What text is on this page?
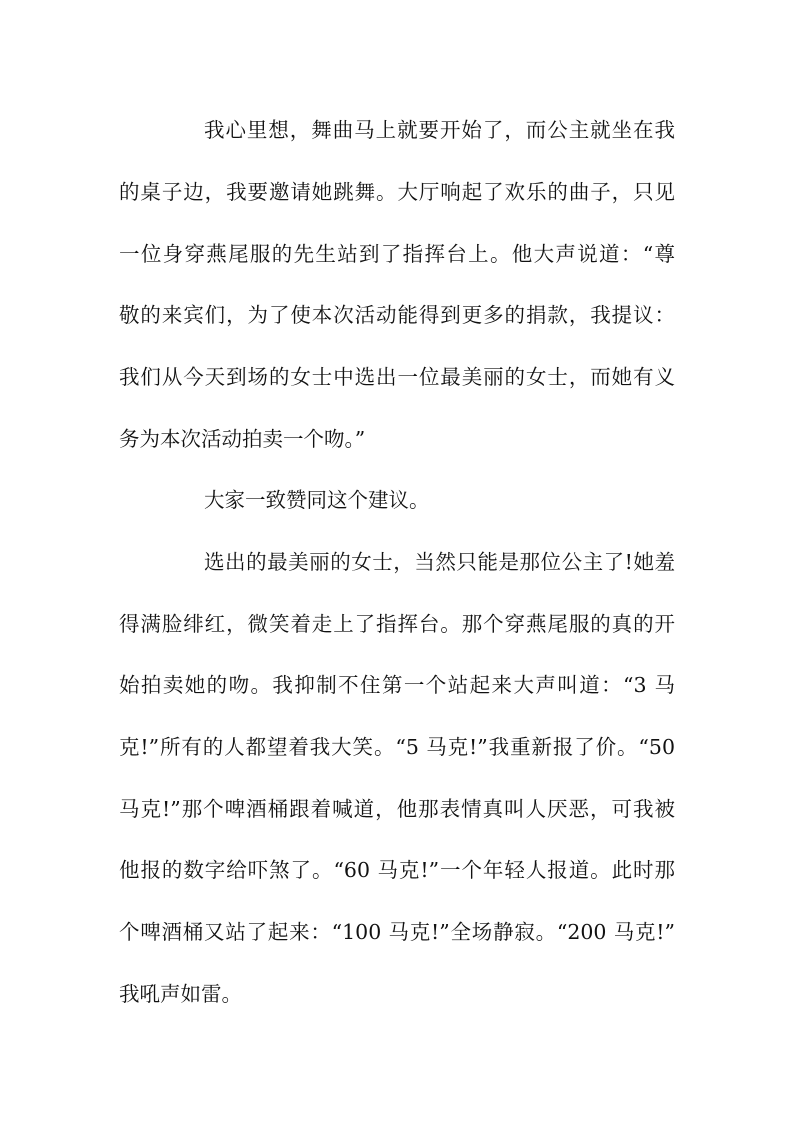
我心里想，舞曲马上就要开始了，而公主就坐在我
的桌子边，我要邀请她跳舞。大厅响起了欢乐的曲子，只见
一位身穿燕尾服的先生站到了指挥台上。他大声说道：“尊
敬的来宾们，为了使本次活动能得到更多的捐款，我提议：
我们从今天到场的女士中选出一位最美丽的女士，而她有义
务为本次活动拍卖一个吻。”
大家一致赞同这个建议。
选出的最美丽的女士，当然只能是那位公主了!她羞
得满脸绯红，微笑着走上了指挥台。那个穿燕尾服的真的开
始拍卖她的吻。我抑制不住第一个站起来大声叫道：“3 马
克!”所有的人都望着我大笑。“5 马克!”我重新报了价。“50
马克!”那个啤酒桶跟着喊道，他那表情真叫人厌恶，可我被
他报的数字给吓煞了。“60 马克!”一个年轻人报道。此时那
个啤酒桶又站了起来：“100 马克!”全场静寂。“200 马克!”
我吼声如雷。
